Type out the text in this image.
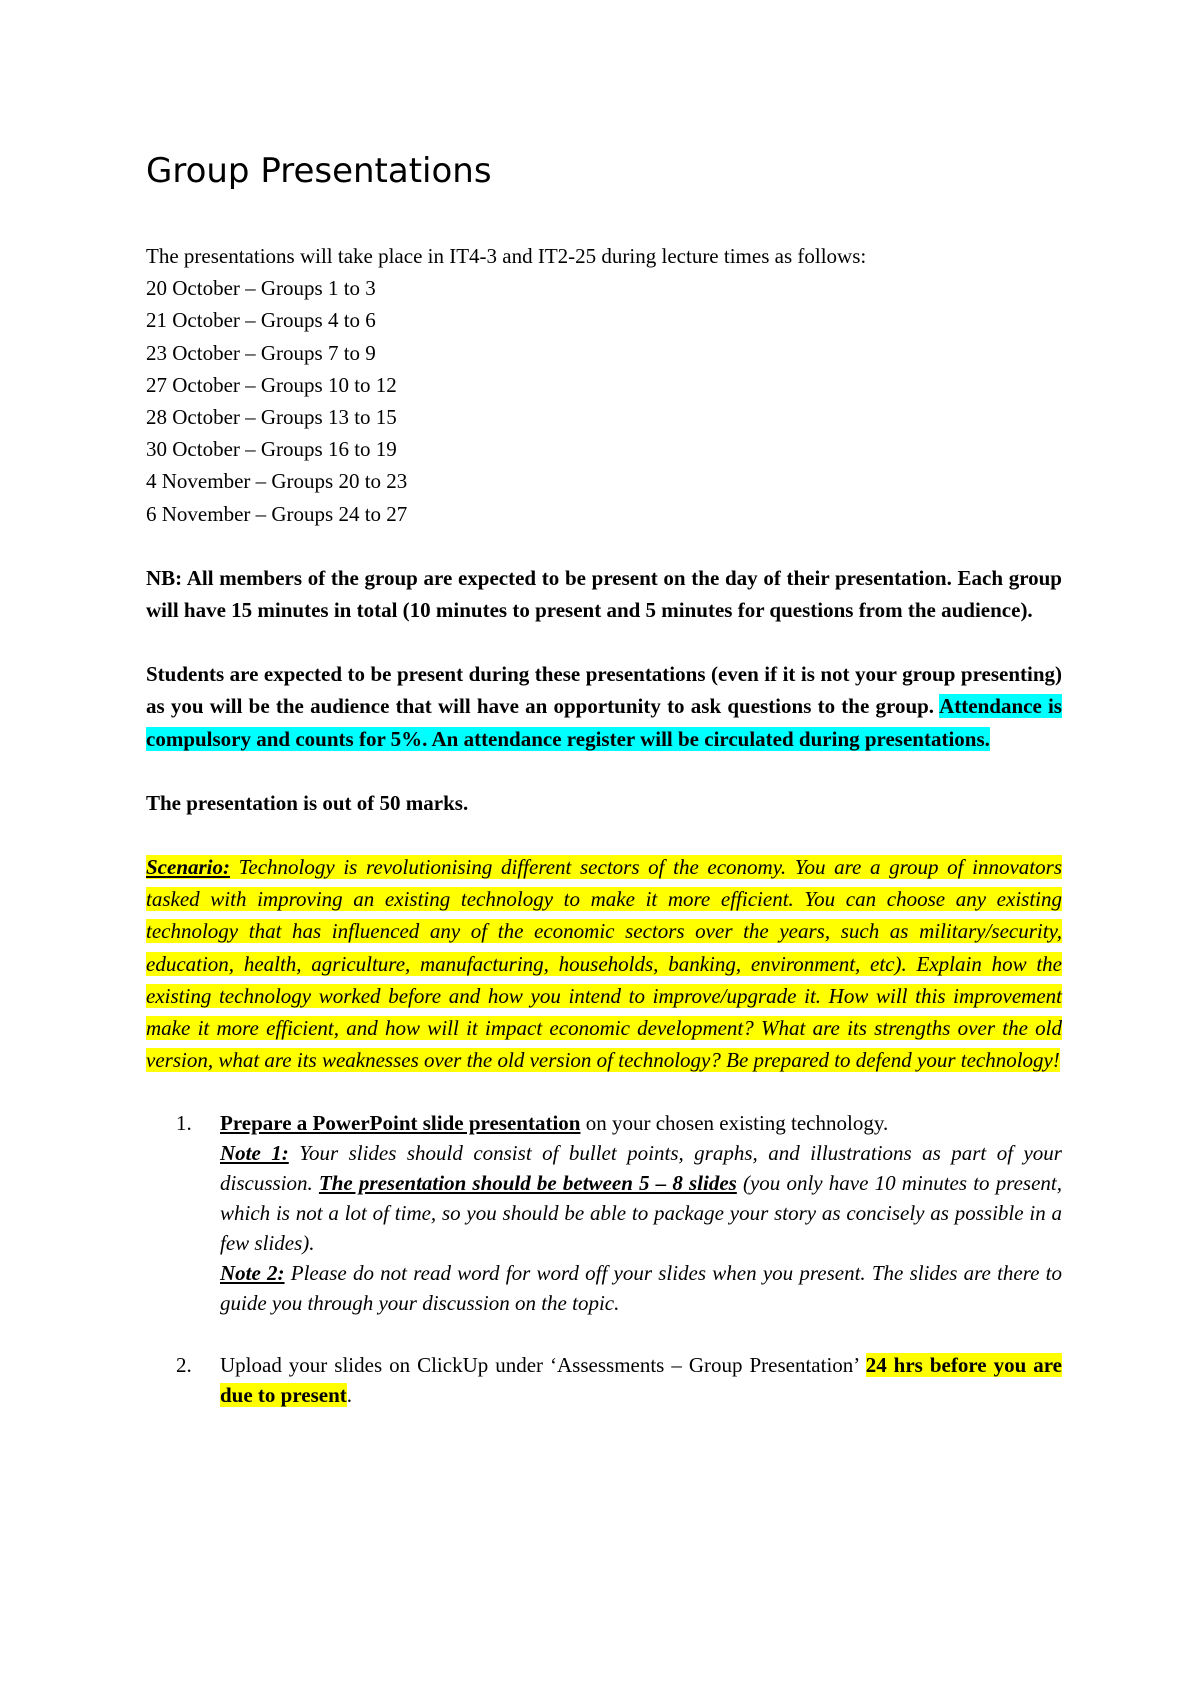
Group Presentations
The presentations will take place in IT4-3 and IT2-25 during lecture times as follows:
20 October – Groups 1 to 3
21 October – Groups 4 to 6
23 October – Groups 7 to 9
27 October – Groups 10 to 12
28 October – Groups 13 to 15
30 October – Groups 16 to 19
4 November – Groups 20 to 23
6 November – Groups 24 to 27
NB: All members of the group are expected to be present on the day of their presentation. Each group will have 15 minutes in total (10 minutes to present and 5 minutes for questions from the audience).
Students are expected to be present during these presentations (even if it is not your group presenting) as you will be the audience that will have an opportunity to ask questions to the group. Attendance is compulsory and counts for 5%. An attendance register will be circulated during presentations.
The presentation is out of 50 marks.
Scenario: Technology is revolutionising different sectors of the economy. You are a group of innovators tasked with improving an existing technology to make it more efficient. You can choose any existing technology that has influenced any of the economic sectors over the years, such as military/security, education, health, agriculture, manufacturing, households, banking, environment, etc). Explain how the existing technology worked before and how you intend to improve/upgrade it. How will this improvement make it more efficient, and how will it impact economic development? What are its strengths over the old version, what are its weaknesses over the old version of technology? Be prepared to defend your technology!
1. Prepare a PowerPoint slide presentation on your chosen existing technology.
Note 1: Your slides should consist of bullet points, graphs, and illustrations as part of your discussion. The presentation should be between 5 – 8 slides (you only have 10 minutes to present, which is not a lot of time, so you should be able to package your story as concisely as possible in a few slides).
Note 2: Please do not read word for word off your slides when you present. The slides are there to guide you through your discussion on the topic.
2. Upload your slides on ClickUp under ‘Assessments – Group Presentation’ 24 hrs before you are due to present.
